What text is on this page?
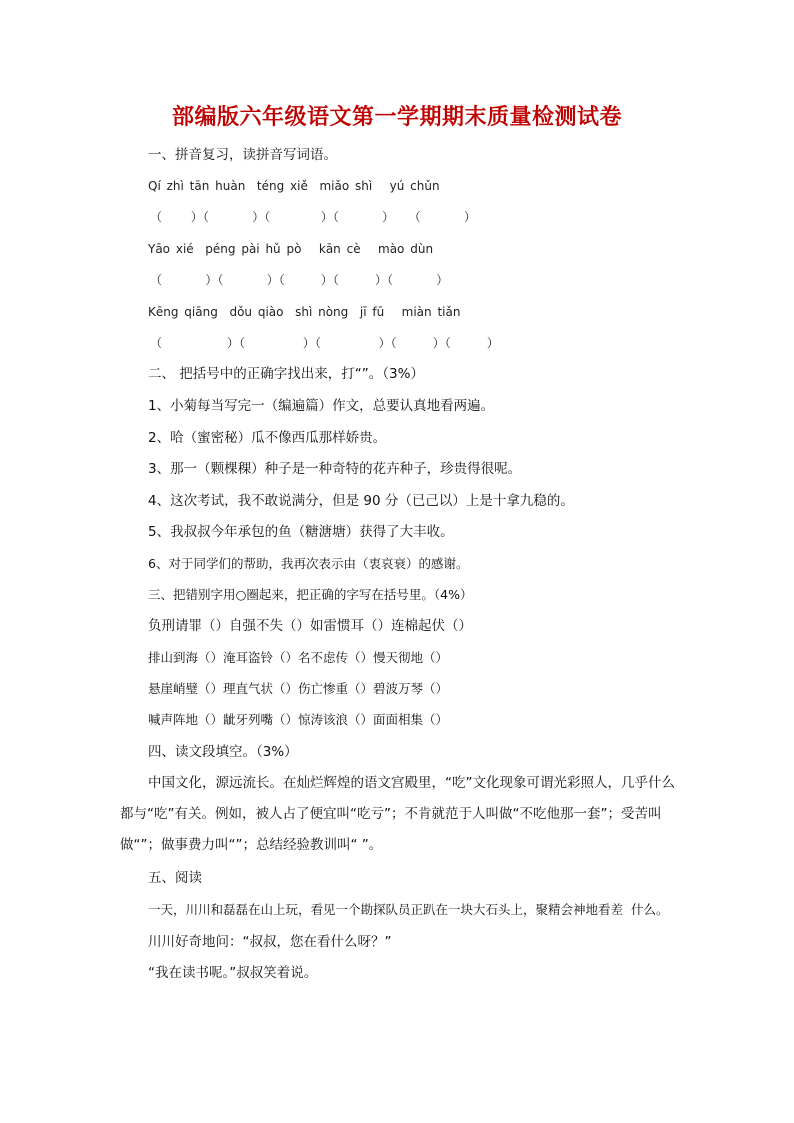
部编版六年级语文第一学期期末质量检测试卷
一、拼音复习，读拼音写词语。
Qí zhì tān huàn  téng xiě  miǎo shì   yú chǔn
（    ）（      ）（       ）（      ）  （      ）
Yāo xié  péng pài hǔ pò   kān cè   mào dùn
（      ）（      ）（     ）（     ）（      ）
Kēng qiāng  dǒu qiào  shì nòng  jī fū   miàn tiǎn
（         ）（        ）（        ）（     ）（     ）
二、 把括号中的正确字找出来，打“”。（3%）
1、小菊每当写完一（编遍篇）作文，总要认真地看两遍。
2、哈（蜜密秘）瓜不像西瓜那样娇贵。
3、那一（颗棵稞）种子是一种奇特的花卉种子，珍贵得很呢。
4、这次考试，我不敢说满分，但是 90 分（已己以）上是十拿九稳的。
5、我叔叔今年承包的鱼（糖溏塘）获得了大丰收。
6、对于同学们的帮助，我再次表示由（衷哀衰）的感谢。
三、把错别字用○圈起来，把正确的字写在括号里。（4%）
负刑请罪（）自强不失（）如雷惯耳（）连棉起伏（）
排山到海（）淹耳盗铃（）名不虑传（）慢天彻地（）
悬崖峭璧（）理直气状（）伤亡惨重（）碧波万琴（）
喊声阵地（）龇牙列嘴（）惊涛该浪（）面面相集（）
四、读文段填空。（3%）
中国文化，源远流长。在灿烂辉煌的语文宫殿里，“吃”文化现象可谓光彩照人，几乎什么都与“吃”有关。例如，被人占了便宜叫“吃亏”；不肯就范于人叫做“不吃他那一套”；受苦叫做“”；做事费力叫“”；总结经验教训叫“ ”。
五、阅读
一天，川川和磊磊在山上玩，看见一个勘探队员正趴在一块大石头上，聚精会神地看差  什么。
川川好奇地问：“叔叔，您在看什么呀？”
“我在读书呢。”叔叔笑着说。
